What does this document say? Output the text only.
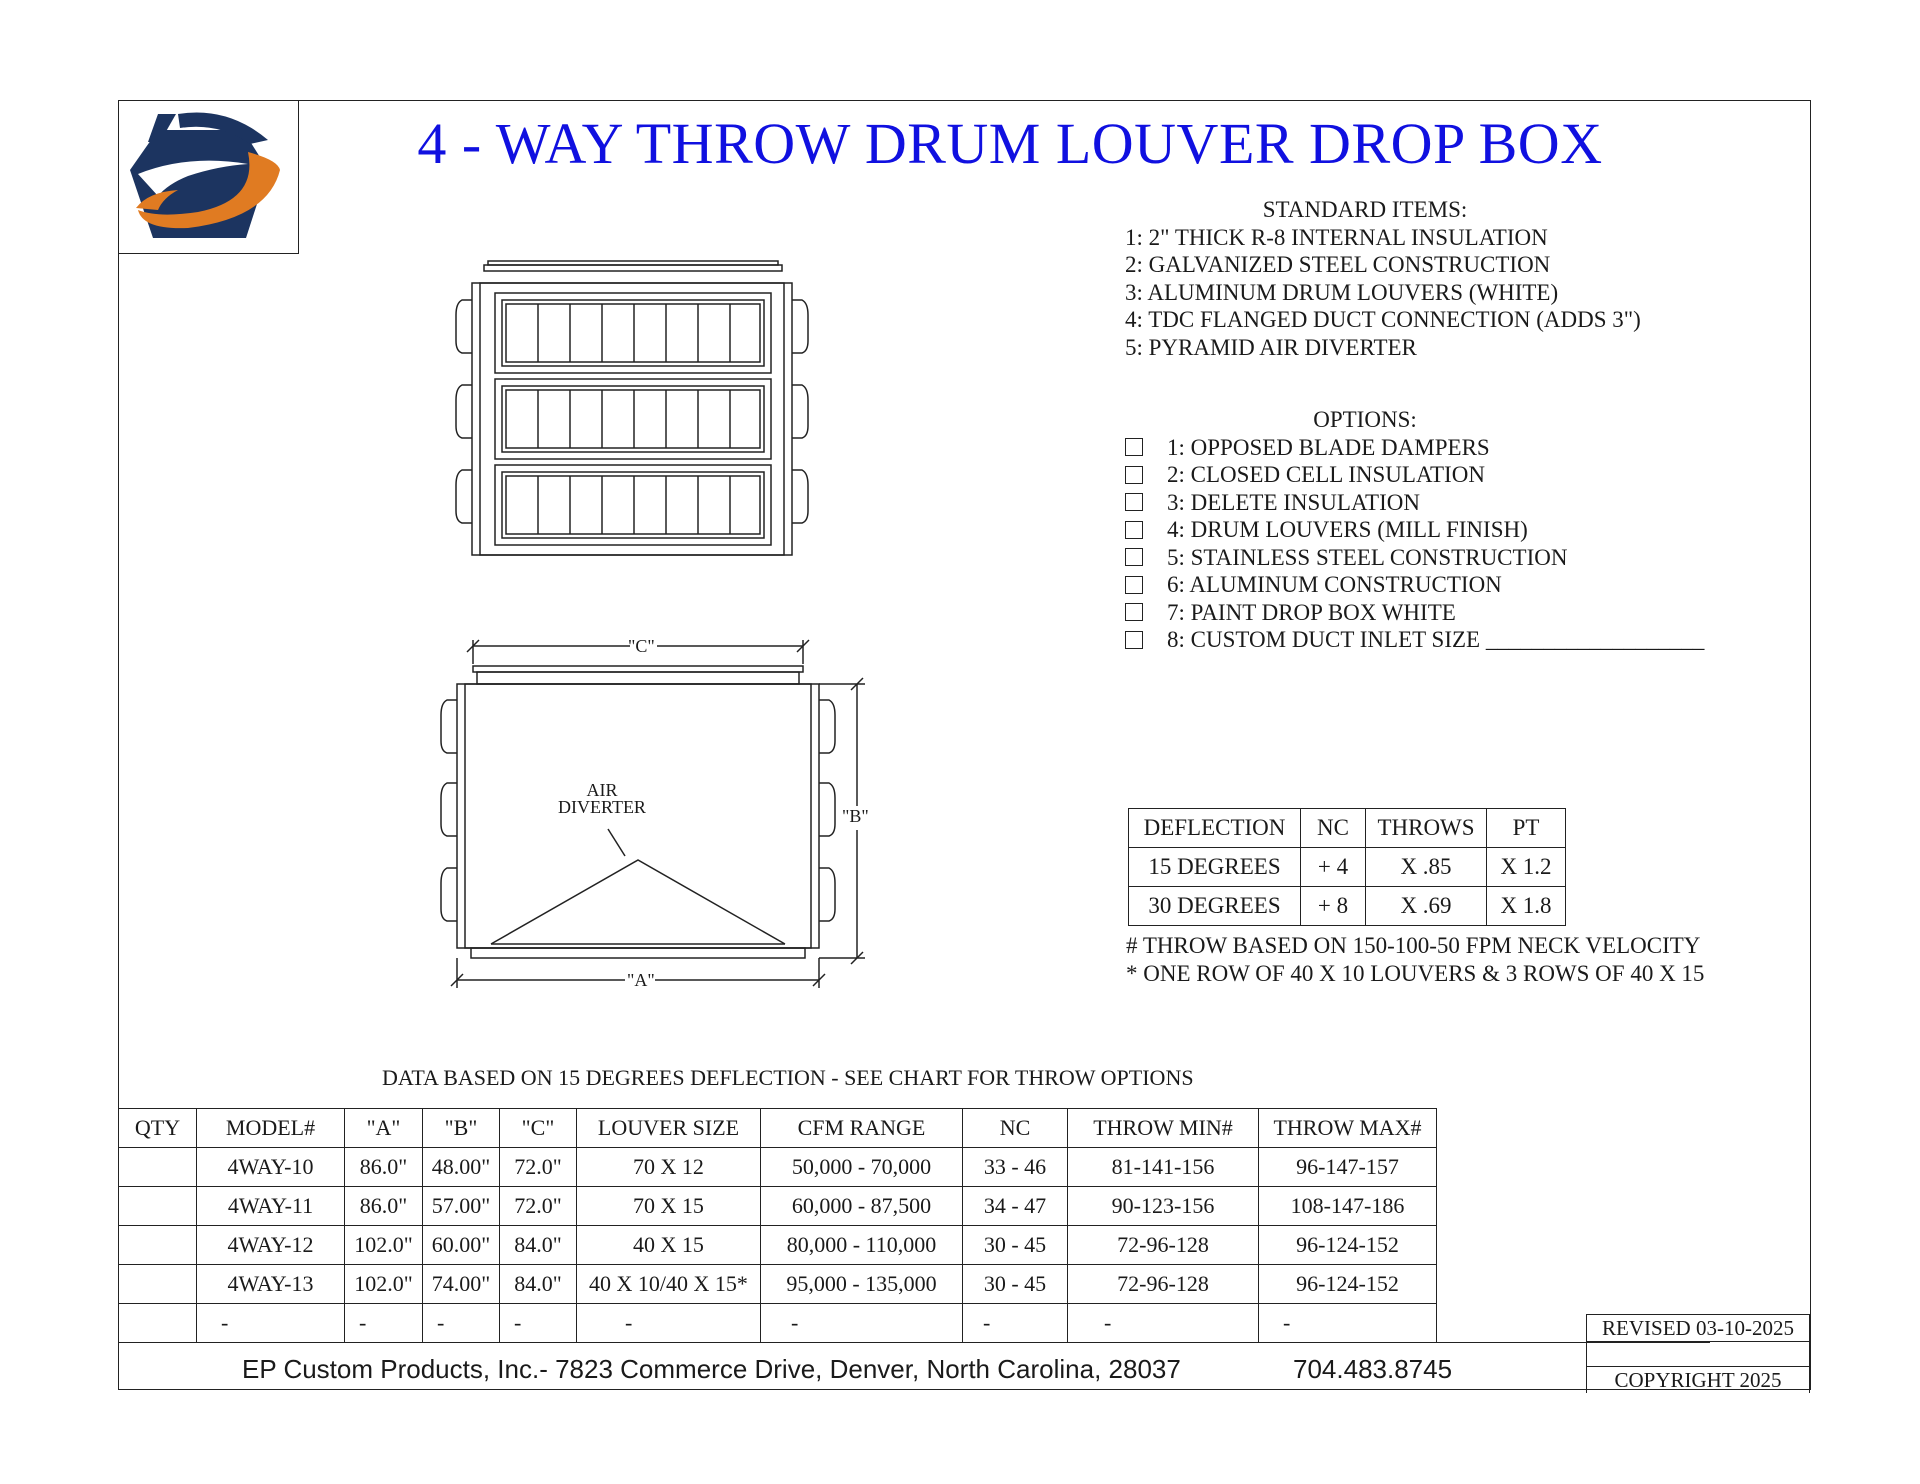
4 - WAY THROW DRUM LOUVER DROP BOX
STANDARD ITEMS:
1: 2" THICK R-8 INTERNAL INSULATION
2: GALVANIZED STEEL CONSTRUCTION
3: ALUMINUM DRUM LOUVERS (WHITE)
4: TDC FLANGED DUCT CONNECTION (ADDS 3")
5: PYRAMID AIR DIVERTER
OPTIONS:
1: OPPOSED BLADE DAMPERS
2: CLOSED CELL INSULATION
3: DELETE INSULATION
4: DRUM LOUVERS (MILL FINISH)
5: STAINLESS STEEL CONSTRUCTION
6: ALUMINUM CONSTRUCTION
7: PAINT DROP BOX WHITE
8: CUSTOM DUCT INLET SIZE ___________________
"C"
"B"
"A"
AIR
DIVERTER
DEFLECTION	NC	THROWS	PT
15 DEGREES	+ 4	X .85	X 1.2
30 DEGREES	+ 8	X .69	X 1.8
# THROW BASED ON 150-100-50 FPM NECK VELOCITY
* ONE ROW OF 40 X 10 LOUVERS & 3 ROWS OF 40 X 15
DATA BASED ON 15 DEGREES DEFLECTION - SEE CHART FOR THROW OPTIONS
QTY	MODEL#	"A"	"B"	"C"	LOUVER SIZE	CFM RANGE	NC	THROW MIN#	THROW MAX#
	4WAY-10	86.0"	48.00"	72.0"	70 X 12	50,000 - 70,000	33 - 46	81-141-156	96-147-157
	4WAY-11	86.0"	57.00"	72.0"	70 X 15	60,000 - 87,500	34 - 47	90-123-156	108-147-186
	4WAY-12	102.0"	60.00"	84.0"	40 X 15	80,000 - 110,000	30 - 45	72-96-128	96-124-152
	4WAY-13	102.0"	74.00"	84.0"	40 X 10/40 X 15*	95,000 - 135,000	30 - 45	72-96-128	96-124-152
	-	-	-	-	-	-	-	-	-
EP Custom Products, Inc.- 7823 Commerce Drive, Denver, North Carolina, 28037	704.483.8745
REVISED 03-10-2025

COPYRIGHT 2025
